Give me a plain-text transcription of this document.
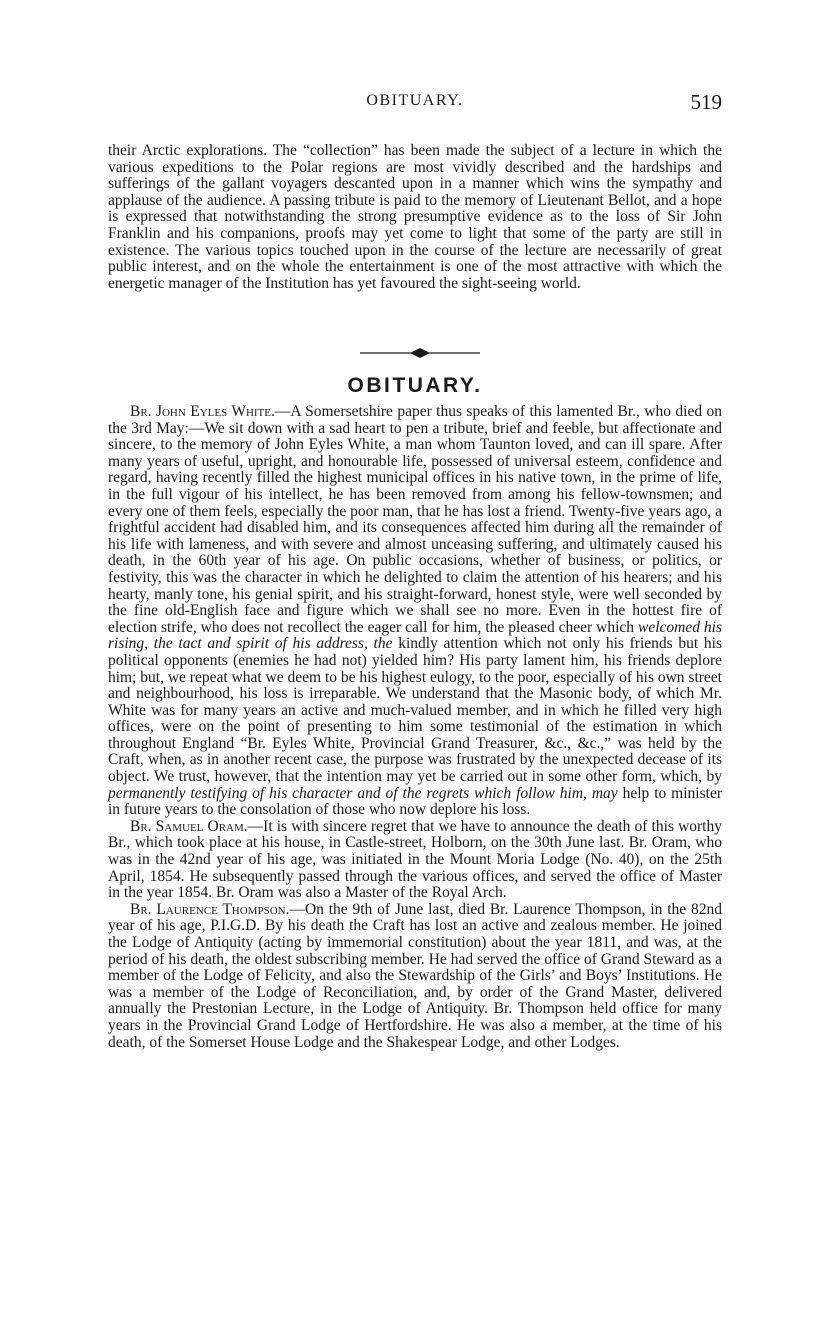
OBITUARY.	519

their Arctic explorations. The “collection” has been made the subject of a lecture in which the various expeditions to the Polar regions are most vividly described and the hardships and sufferings of the gallant voyagers descanted upon in a manner which wins the sympathy and applause of the audience. A passing tribute is paid to the memory of Lieutenant Bellot, and a hope is expressed that notwithstanding the strong presumptive evidence as to the loss of Sir John Franklin and his companions, proofs may yet come to light that some of the party are still in existence. The various topics touched upon in the course of the lecture are necessarily of great public interest, and on the whole the entertainment is one of the most attractive with which the energetic manager of the Institution has yet favoured the sight-seeing world.

OBITUARY.

Br. John Eyles White.—A Somersetshire paper thus speaks of this lamented Br., who died on the 3rd May:—We sit down with a sad heart to pen a tribute, brief and feeble, but affectionate and sincere, to the memory of John Eyles White, a man whom Taunton loved, and can ill spare. After many years of useful, upright, and honourable life, possessed of universal esteem, confidence and regard, having recently filled the highest municipal offices in his native town, in the prime of life, in the full vigour of his intellect, he has been removed from among his fellow-townsmen; and every one of them feels, especially the poor man, that he has lost a friend. Twenty-five years ago, a frightful accident had disabled him, and its consequences affected him during all the remainder of his life with lameness, and with severe and almost unceasing suffering, and ultimately caused his death, in the 60th year of his age. On public occasions, whether of business, or politics, or festivity, this was the character in which he delighted to claim the attention of his hearers; and his hearty, manly tone, his genial spirit, and his straight-forward, honest style, were well seconded by the fine old-English face and figure which we shall see no more. Even in the hottest fire of election strife, who does not recollect the eager call for him, the pleased cheer which welcomed his rising, the tact and spirit of his address, the kindly attention which not only his friends but his political opponents (enemies he had not) yielded him? His party lament him, his friends deplore him; but, we repeat what we deem to be his highest eulogy, to the poor, especially of his own street and neighbourhood, his loss is irreparable. We understand that the Masonic body, of which Mr. White was for many years an active and much-valued member, and in which he filled very high offices, were on the point of presenting to him some testimonial of the estimation in which throughout England “Br. Eyles White, Provincial Grand Treasurer, &c., &c.,” was held by the Craft, when, as in another recent case, the purpose was frustrated by the unexpected decease of its object. We trust, however, that the intention may yet be carried out in some other form, which, by permanently testifying of his character and of the regrets which follow him, may help to minister in future years to the consolation of those who now deplore his loss.

Br. Samuel Oram.—It is with sincere regret that we have to announce the death of this worthy Br., which took place at his house, in Castle-street, Holborn, on the 30th June last. Br. Oram, who was in the 42nd year of his age, was initiated in the Mount Moria Lodge (No. 40), on the 25th April, 1854. He subsequently passed through the various offices, and served the office of Master in the year 1854. Br. Oram was also a Master of the Royal Arch.

Br. Laurence Thompson.—On the 9th of June last, died Br. Laurence Thompson, in the 82nd year of his age, P.I.G.D. By his death the Craft has lost an active and zealous member. He joined the Lodge of Antiquity (acting by immemorial constitution) about the year 1811, and was, at the period of his death, the oldest subscribing member. He had served the office of Grand Steward as a member of the Lodge of Felicity, and also the Stewardship of the Girls’ and Boys’ Institutions. He was a member of the Lodge of Reconciliation, and, by order of the Grand Master, delivered annually the Prestonian Lecture, in the Lodge of Antiquity. Br. Thompson held office for many years in the Provincial Grand Lodge of Hertfordshire. He was also a member, at the time of his death, of the Somerset House Lodge and the Shakespear Lodge, and other Lodges.
